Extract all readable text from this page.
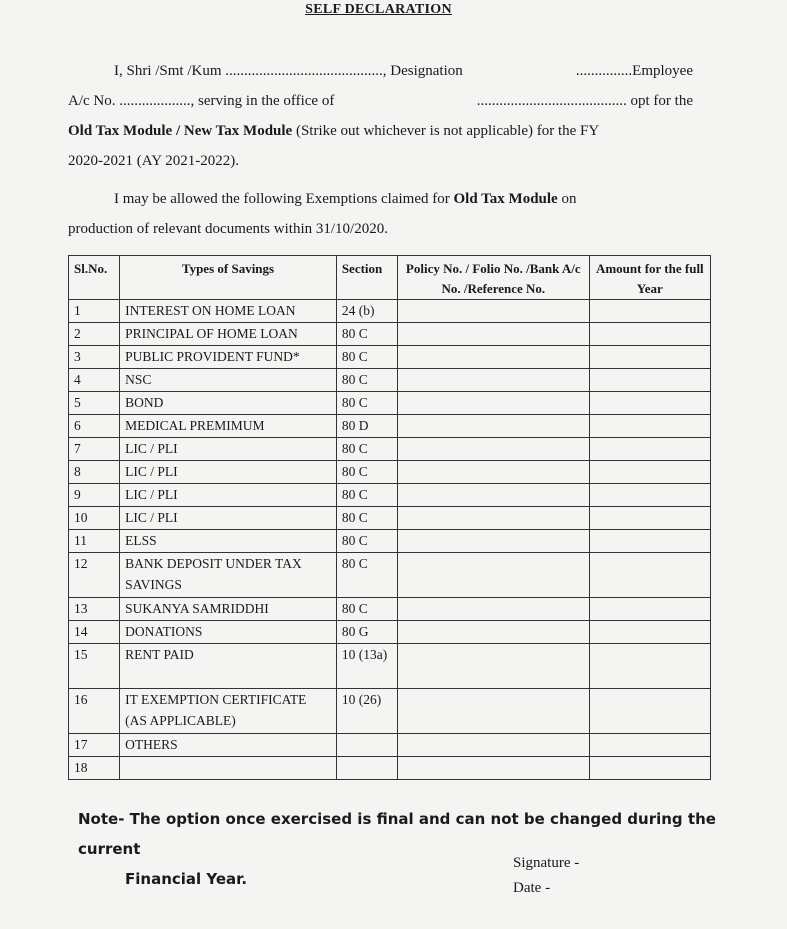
SELF DECLARATION
I, Shri /Smt /Kum .........................................., Designation	...............Employee
A/c No. ..................., serving in the office of	........................................ opt for the
Old Tax Module / New Tax Module (Strike out whichever is not applicable) for the FY
2020-2021 (AY 2021-2022).
I may be allowed the following Exemptions claimed for Old Tax Module on
production of relevant documents within 31/10/2020.
Sl.No.	Types of Savings	Section	Policy No. / Folio No. /Bank A/c No. /Reference No.	Amount for the full Year
1	INTEREST ON HOME LOAN	24 (b)		
2	PRINCIPAL OF HOME LOAN	80 C		
3	PUBLIC PROVIDENT FUND*	80 C		
4	NSC	80 C		
5	BOND	80 C		
6	MEDICAL PREMIMUM	80 D		
7	LIC / PLI	80 C		
8	LIC / PLI	80 C		
9	LIC / PLI	80 C		
10	LIC / PLI	80 C		
11	ELSS	80 C		
12	BANK DEPOSIT UNDER TAX SAVINGS	80 C		
13	SUKANYA SAMRIDDHI	80 C		
14	DONATIONS	80 G		
15	RENT PAID	10 (13a)		
16	IT EXEMPTION CERTIFICATE (AS APPLICABLE)	10 (26)		
17	OTHERS			
18				
Note- The option once exercised is final and can not be changed during the current
Financial Year.
Signature -
Date -
